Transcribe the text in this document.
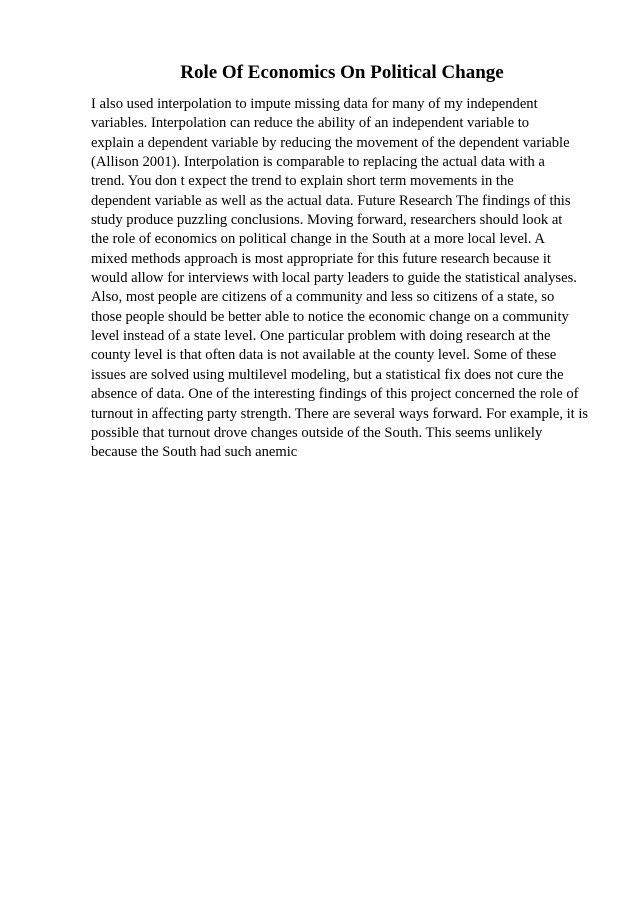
Role Of Economics On Political Change
I also used interpolation to impute missing data for many of my independent
variables. Interpolation can reduce the ability of an independent variable to
explain a dependent variable by reducing the movement of the dependent variable
(Allison 2001). Interpolation is comparable to replacing the actual data with a
trend. You don t expect the trend to explain short term movements in the
dependent variable as well as the actual data. Future Research The findings of this
study produce puzzling conclusions. Moving forward, researchers should look at
the role of economics on political change in the South at a more local level. A
mixed methods approach is most appropriate for this future research because it
would allow for interviews with local party leaders to guide the statistical analyses.
Also, most people are citizens of a community and less so citizens of a state, so
those people should be better able to notice the economic change on a community
level instead of a state level. One particular problem with doing research at the
county level is that often data is not available at the county level. Some of these
issues are solved using multilevel modeling, but a statistical fix does not cure the
absence of data. One of the interesting findings of this project concerned the role of
turnout in affecting party strength. There are several ways forward. For example, it is
possible that turnout drove changes outside of the South. This seems unlikely
because the South had such anemic
